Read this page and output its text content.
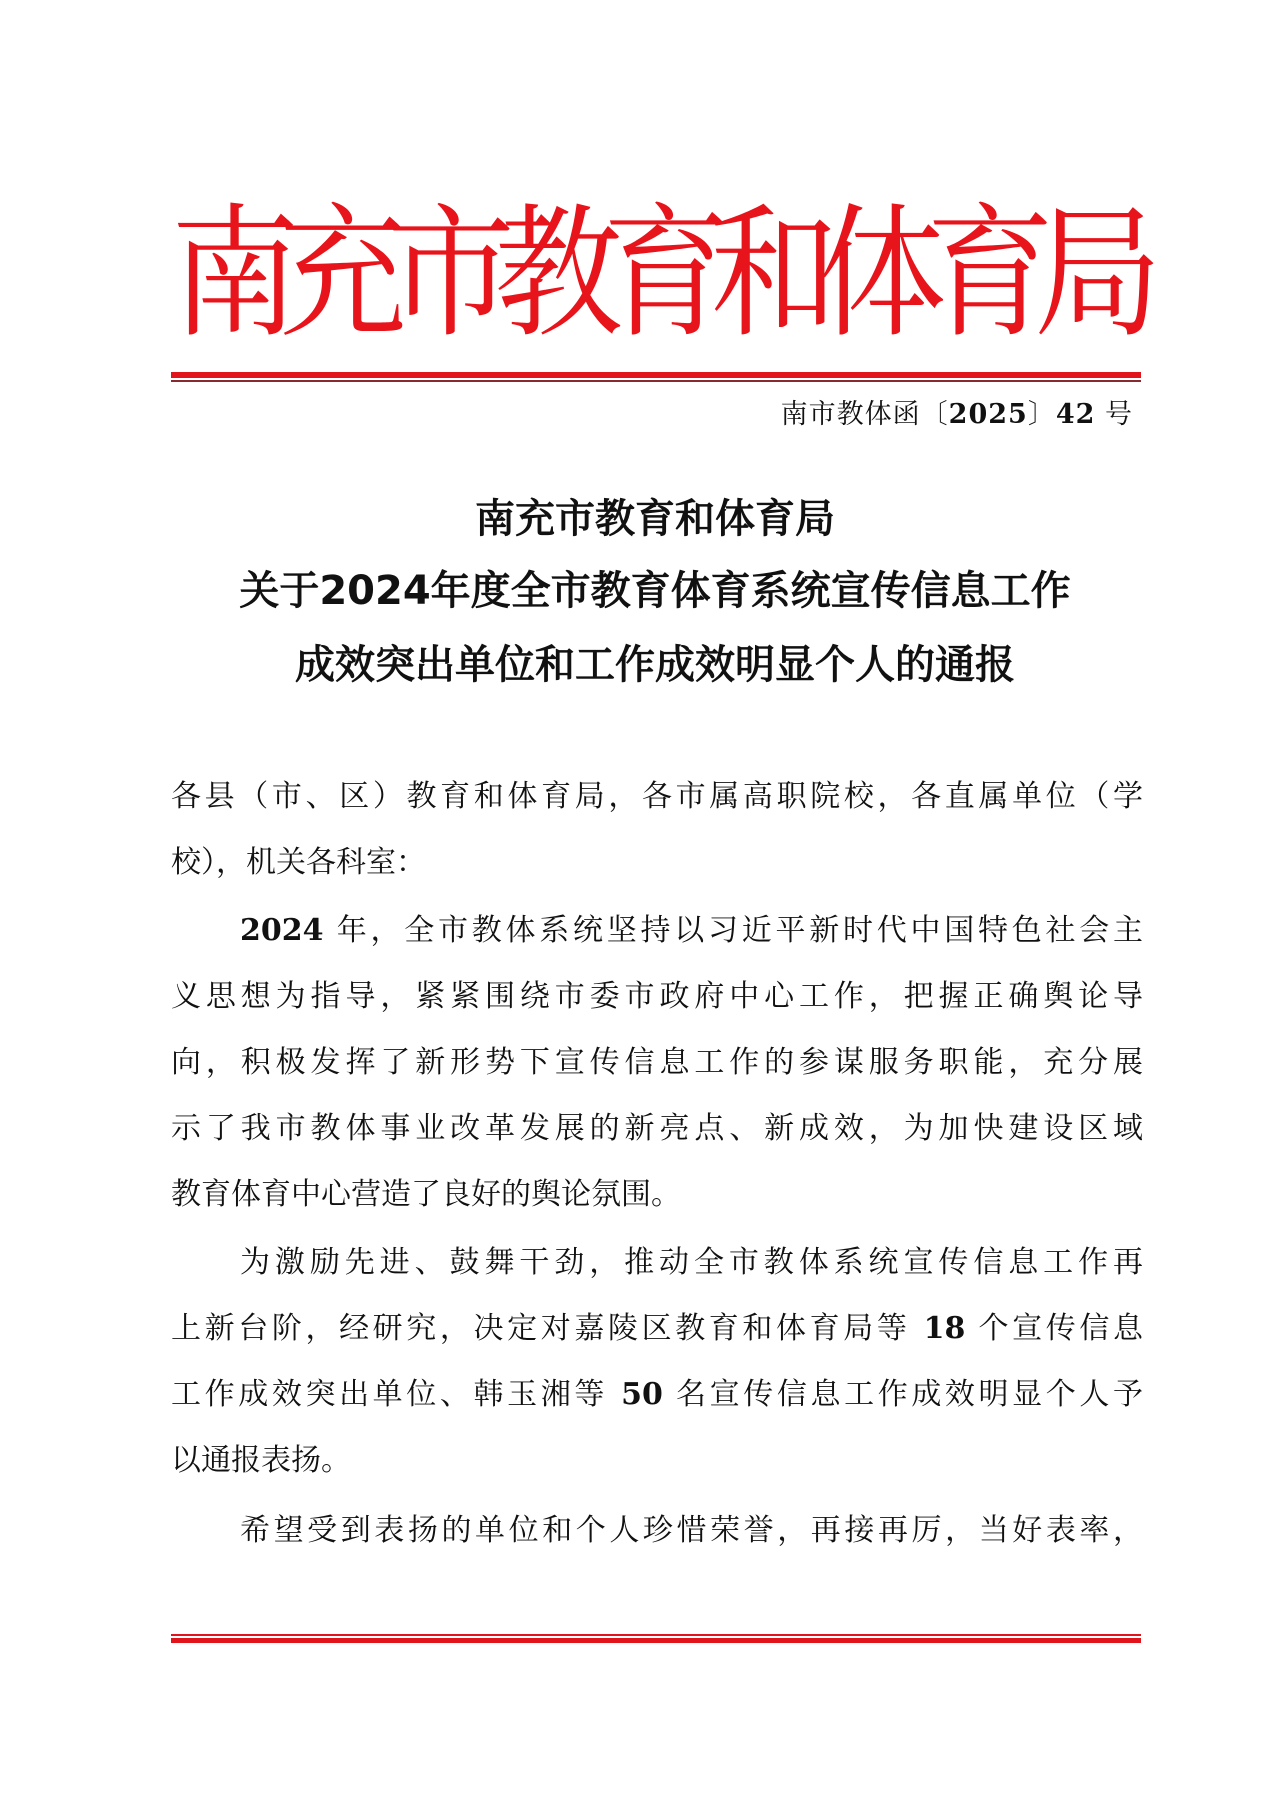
南
充
市
教
育
和
体
育
局
南市教体函〔2025〕42 号
南充市教育和体育局
关于2024年度全市教育体育系统宣传信息工作
成效突出单位和工作成效明显个人的通报
各县（市、区）教育和体育局，各市属高职院校，各直属单位（学
校），机关各科室：
2024 年，全市教体系统坚持以习近平新时代中国特色社会主
义思想为指导，紧紧围绕市委市政府中心工作，把握正确舆论导
向，积极发挥了新形势下宣传信息工作的参谋服务职能，充分展
示了我市教体事业改革发展的新亮点、新成效，为加快建设区域
教育体育中心营造了良好的舆论氛围。
为激励先进、鼓舞干劲，推动全市教体系统宣传信息工作再
上新台阶，经研究，决定对嘉陵区教育和体育局等 18 个宣传信息
工作成效突出单位、韩玉湘等 50 名宣传信息工作成效明显个人予
以通报表扬。
希望受到表扬的单位和个人珍惜荣誉，再接再厉，当好表率，
